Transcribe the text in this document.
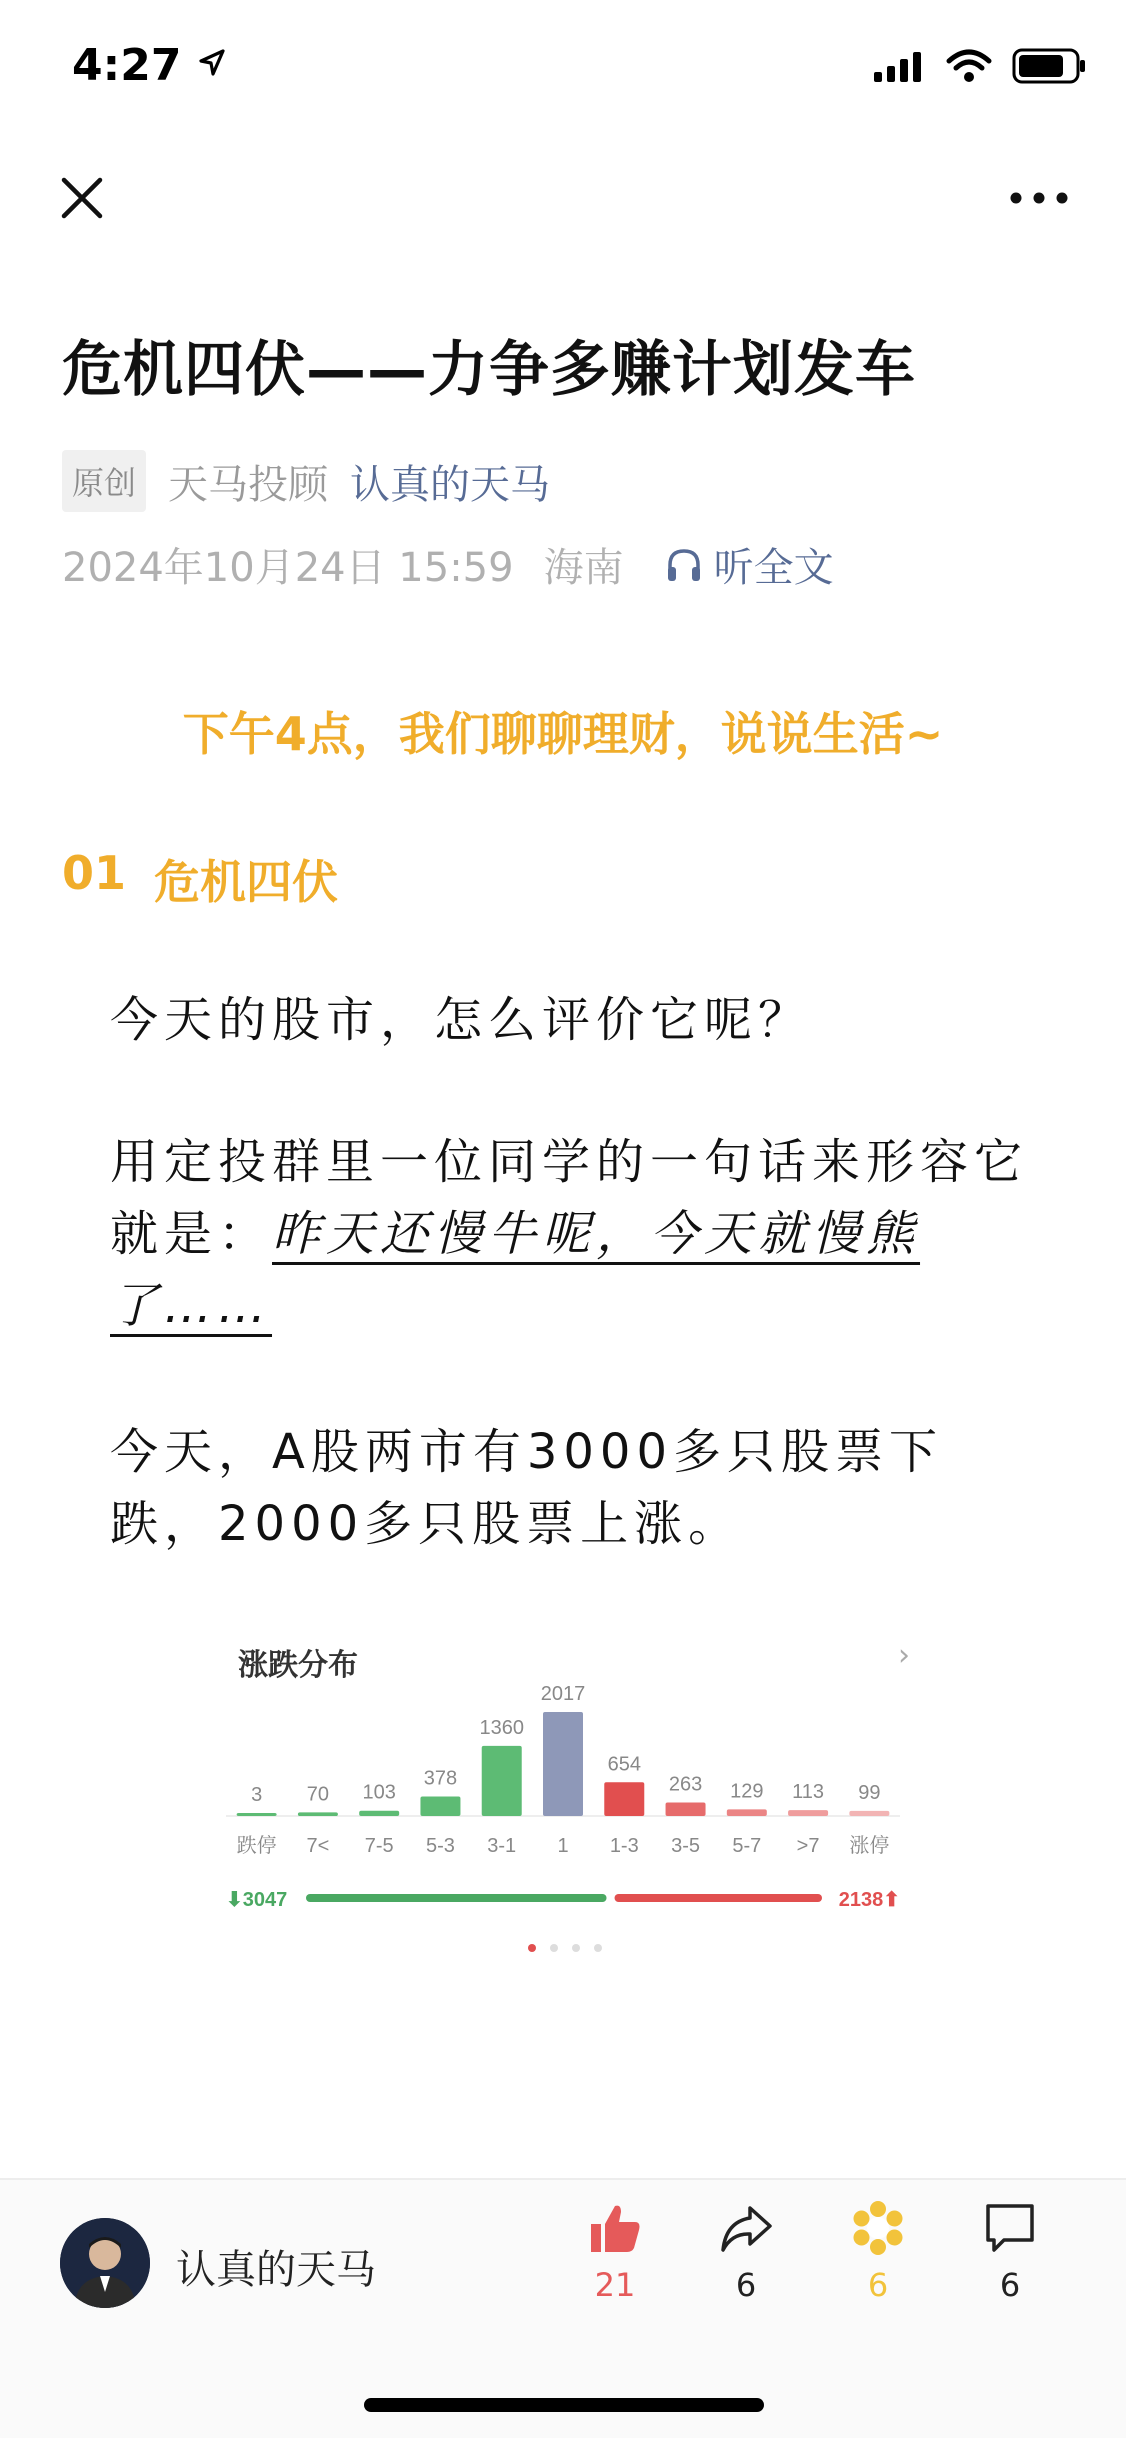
4:27
危机四伏——力争多赚计划发车
原创 天马投顾 认真的天马
2024年10月24日 15:59 海南 听全文
下午4点，我们聊聊理财，说说生活~
01 危机四伏
今天的股市，怎么评价它呢？
用定投群里一位同学的一句话来形容它就是：昨天还慢牛呢，今天就慢熊了……
今天，A股两市有3000多只股票下跌，2000多只股票上涨。
涨跌分布	›
3
跌停
70
7<
103
7-5
378
5-3
1360
3-1
2017
1
654
1-3
263
3-5
129
5-7
113
>7
99
涨停
⬇3047	2138⬆
认真的天马	21	6	6	6
